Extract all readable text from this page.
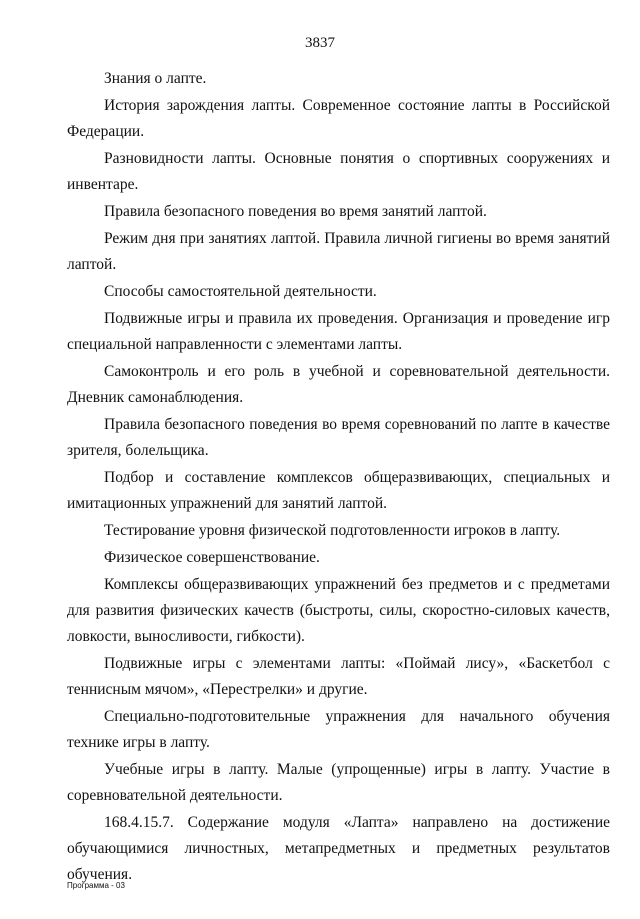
3837

Знания о лапте.

История зарождения лапты. Современное состояние лапты в Российской Федерации.

Разновидности лапты. Основные понятия о спортивных сооружениях и инвентаре.

Правила безопасного поведения во время занятий лаптой.

Режим дня при занятиях лаптой. Правила личной гигиены во время занятий лаптой.

Способы самостоятельной деятельности.

Подвижные игры и правила их проведения. Организация и проведение игр специальной направленности с элементами лапты.

Самоконтроль и его роль в учебной и соревновательной деятельности. Дневник самонаблюдения.

Правила безопасного поведения во время соревнований по лапте в качестве зрителя, болельщика.

Подбор и составление комплексов общеразвивающих, специальных и имитационных упражнений для занятий лаптой.

Тестирование уровня физической подготовленности игроков в лапту.

Физическое совершенствование.

Комплексы общеразвивающих упражнений без предметов и с предметами для развития физических качеств (быстроты, силы, скоростно-силовых качеств, ловкости, выносливости, гибкости).

Подвижные игры с элементами лапты: «Поймай лису», «Баскетбол с теннисным мячом», «Перестрелки» и другие.

Специально-подготовительные упражнения для начального обучения технике игры в лапту.

Учебные игры в лапту. Малые (упрощенные) игры в лапту. Участие в соревновательной деятельности.

168.4.15.7. Содержание модуля «Лапта» направлено на достижение обучающимися личностных, метапредметных и предметных результатов обучения.

Программа - 03
